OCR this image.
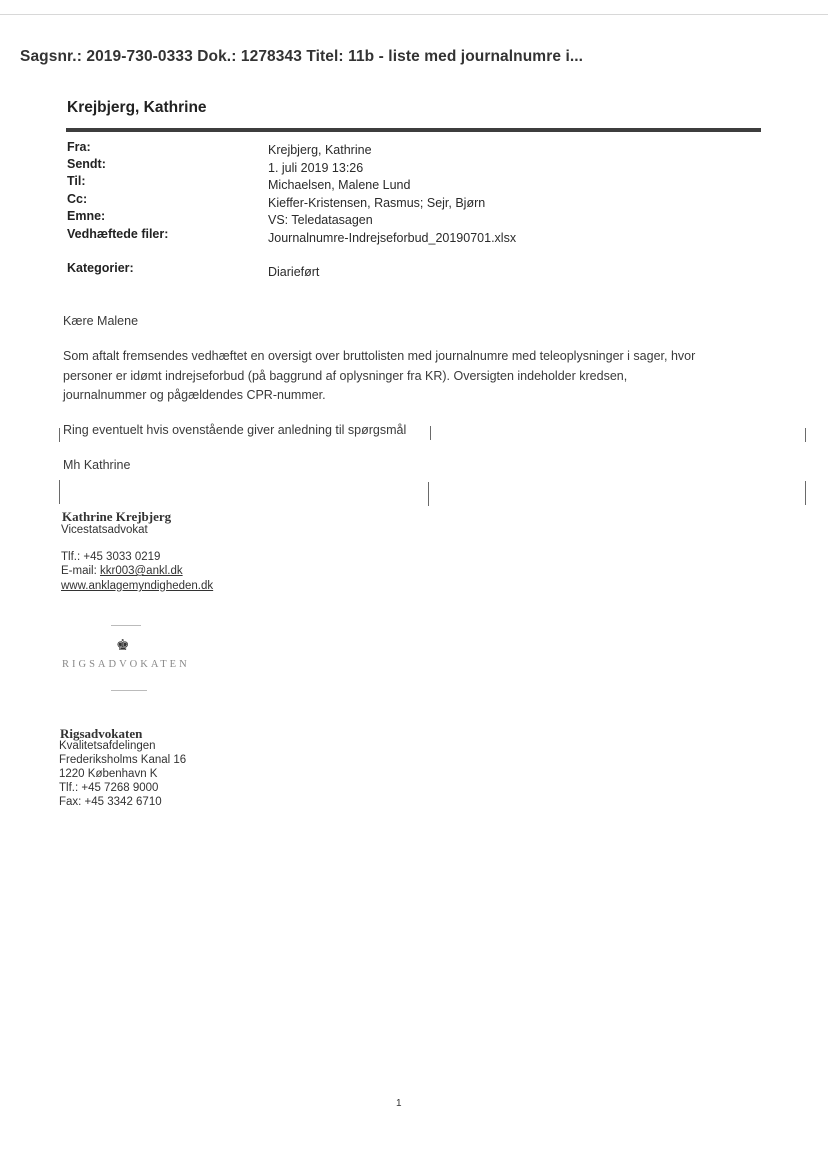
Sagsnr.: 2019-730-0333 Dok.: 1278343 Titel: 11b - liste med journalnumre i...
Krejbjerg, Kathrine
Fra:	Krejbjerg, Kathrine
Sendt:	1. juli 2019 13:26
Til:	Michaelsen, Malene Lund
Cc:	Kieffer-Kristensen, Rasmus; Sejr, Bjørn
Emne:	VS: Teledatasagen
Vedhæftede filer:	Journalnumre-Indrejseforbud_20190701.xlsx
Kategorier:	Diarieført
Kære Malene
Som aftalt fremsendes vedhæftet en oversigt over bruttolisten med journalnumre med teleoplysninger i sager, hvor
personer er idømt indrejseforbud (på baggrund af oplysninger fra KR). Oversigten indeholder kredsen,
journalnummer og pågældendes CPR-nummer.
Ring eventuelt hvis ovenstående giver anledning til spørgsmål
Mh Kathrine
Kathrine Krejbjerg
Vicestatsadvokat
Tlf.: +45 3033 0219
E-mail: kkr003@ankl.dk
www.anklagemyndigheden.dk
♚
RIGSADVOKATEN
Rigsadvokaten
Kvalitetsafdelingen
Frederiksholms Kanal 16
1220 København K
Tlf.: +45 7268 9000
Fax: +45 3342 6710
1
